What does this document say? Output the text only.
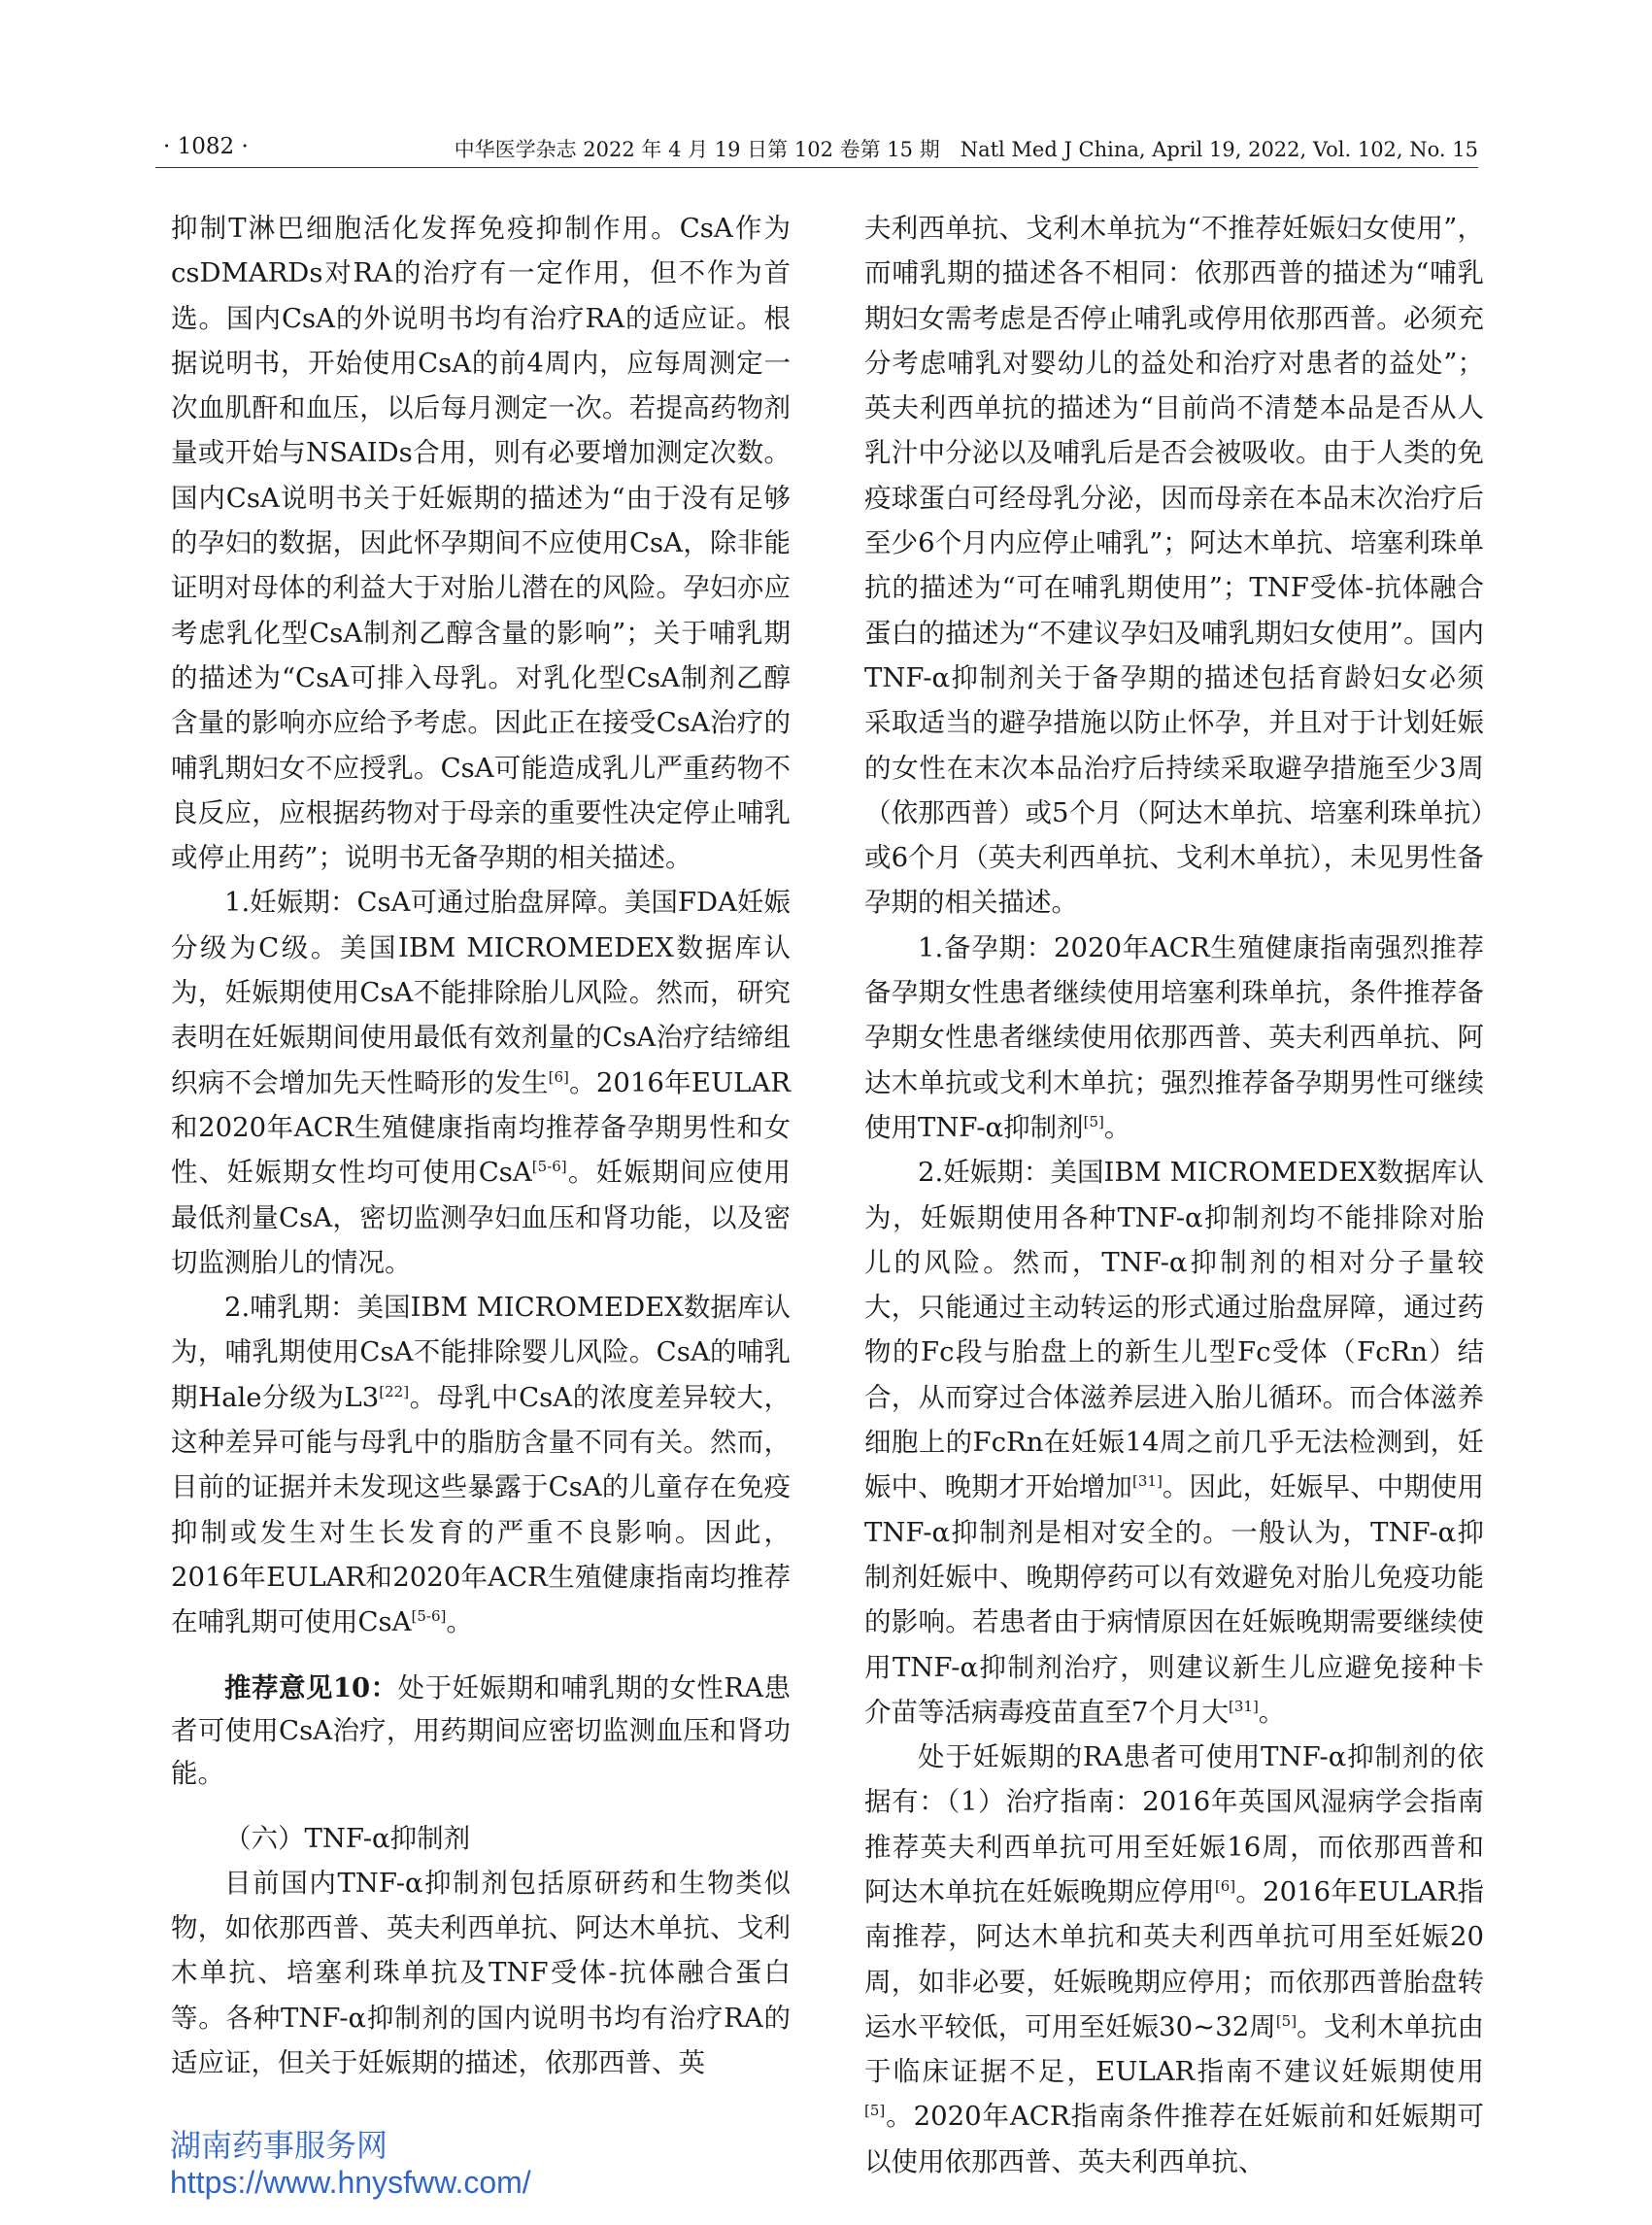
· 1082 ·	中华医学杂志 2022 年 4 月 19 日第 102 卷第 15 期　Natl Med J China, April 19, 2022, Vol. 102, No. 15

抑制T淋巴细胞活化发挥免疫抑制作用。CsA作为csDMARDs对RA的治疗有一定作用，但不作为首选。国内CsA的外说明书均有治疗RA的适应证。根据说明书，开始使用CsA的前4周内，应每周测定一次血肌酐和血压，以后每月测定一次。若提高药物剂量或开始与NSAIDs合用，则有必要增加测定次数。国内CsA说明书关于妊娠期的描述为“由于没有足够的孕妇的数据，因此怀孕期间不应使用CsA，除非能证明对母体的利益大于对胎儿潜在的风险。孕妇亦应考虑乳化型CsA制剂乙醇含量的影响”；关于哺乳期的描述为“CsA可排入母乳。对乳化型CsA制剂乙醇含量的影响亦应给予考虑。因此正在接受CsA治疗的哺乳期妇女不应授乳。CsA可能造成乳儿严重药物不良反应，应根据药物对于母亲的重要性决定停止哺乳或停止用药”；说明书无备孕期的相关描述。

1.妊娠期：CsA可通过胎盘屏障。美国FDA妊娠分级为C级。美国IBM MICROMEDEX数据库认为，妊娠期使用CsA不能排除胎儿风险。然而，研究表明在妊娠期间使用最低有效剂量的CsA治疗结缔组织病不会增加先天性畸形的发生[6]。2016年EULAR和2020年ACR生殖健康指南均推荐备孕期男性和女性、妊娠期女性均可使用CsA[5-6]。妊娠期间应使用最低剂量CsA，密切监测孕妇血压和肾功能，以及密切监测胎儿的情况。

2.哺乳期：美国IBM MICROMEDEX数据库认为，哺乳期使用CsA不能排除婴儿风险。CsA的哺乳期Hale分级为L3[22]。母乳中CsA的浓度差异较大，这种差异可能与母乳中的脂肪含量不同有关。然而，目前的证据并未发现这些暴露于CsA的儿童存在免疫抑制或发生对生长发育的严重不良影响。因此，2016年EULAR和2020年ACR生殖健康指南均推荐在哺乳期可使用CsA[5-6]。

推荐意见10：处于妊娠期和哺乳期的女性RA患者可使用CsA治疗，用药期间应密切监测血压和肾功能。

（六）TNF-α抑制剂

目前国内TNF-α抑制剂包括原研药和生物类似物，如依那西普、英夫利西单抗、阿达木单抗、戈利木单抗、培塞利珠单抗及TNF受体-抗体融合蛋白等。各种TNF-α抑制剂的国内说明书均有治疗RA的适应证，但关于妊娠期的描述，依那西普、英

夫利西单抗、戈利木单抗为“不推荐妊娠妇女使用”，而哺乳期的描述各不相同：依那西普的描述为“哺乳期妇女需考虑是否停止哺乳或停用依那西普。必须充分考虑哺乳对婴幼儿的益处和治疗对患者的益处”；英夫利西单抗的描述为“目前尚不清楚本品是否从人乳汁中分泌以及哺乳后是否会被吸收。由于人类的免疫球蛋白可经母乳分泌，因而母亲在本品末次治疗后至少6个月内应停止哺乳”；阿达木单抗、培塞利珠单抗的描述为“可在哺乳期使用”；TNF受体-抗体融合蛋白的描述为“不建议孕妇及哺乳期妇女使用”。国内TNF-α抑制剂关于备孕期的描述包括育龄妇女必须采取适当的避孕措施以防止怀孕，并且对于计划妊娠的女性在末次本品治疗后持续采取避孕措施至少3周（依那西普）或5个月（阿达木单抗、培塞利珠单抗）或6个月（英夫利西单抗、戈利木单抗），未见男性备孕期的相关描述。

1.备孕期：2020年ACR生殖健康指南强烈推荐备孕期女性患者继续使用培塞利珠单抗，条件推荐备孕期女性患者继续使用依那西普、英夫利西单抗、阿达木单抗或戈利木单抗；强烈推荐备孕期男性可继续使用TNF-α抑制剂[5]。

2.妊娠期：美国IBM MICROMEDEX数据库认为，妊娠期使用各种TNF-α抑制剂均不能排除对胎儿的风险。然而，TNF-α抑制剂的相对分子量较大，只能通过主动转运的形式通过胎盘屏障，通过药物的Fc段与胎盘上的新生儿型Fc受体（FcRn）结合，从而穿过合体滋养层进入胎儿循环。而合体滋养细胞上的FcRn在妊娠14周之前几乎无法检测到，妊娠中、晚期才开始增加[31]。因此，妊娠早、中期使用TNF-α抑制剂是相对安全的。一般认为，TNF-α抑制剂妊娠中、晚期停药可以有效避免对胎儿免疫功能的影响。若患者由于病情原因在妊娠晚期需要继续使用TNF-α抑制剂治疗，则建议新生儿应避免接种卡介苗等活病毒疫苗直至7个月大[31]。

处于妊娠期的RA患者可使用TNF-α抑制剂的依据有：（1）治疗指南：2016年英国风湿病学会指南推荐英夫利西单抗可用至妊娠16周，而依那西普和阿达木单抗在妊娠晚期应停用[6]。2016年EULAR指南推荐，阿达木单抗和英夫利西单抗可用至妊娠20周，如非必要，妊娠晚期应停用；而依那西普胎盘转运水平较低，可用至妊娠30~32周[5]。戈利木单抗由于临床证据不足，EULAR指南不建议妊娠期使用[5]。2020年ACR指南条件推荐在妊娠前和妊娠期可以使用依那西普、英夫利西单抗、

湖南药事服务网
https://www.hnysfww.com/
